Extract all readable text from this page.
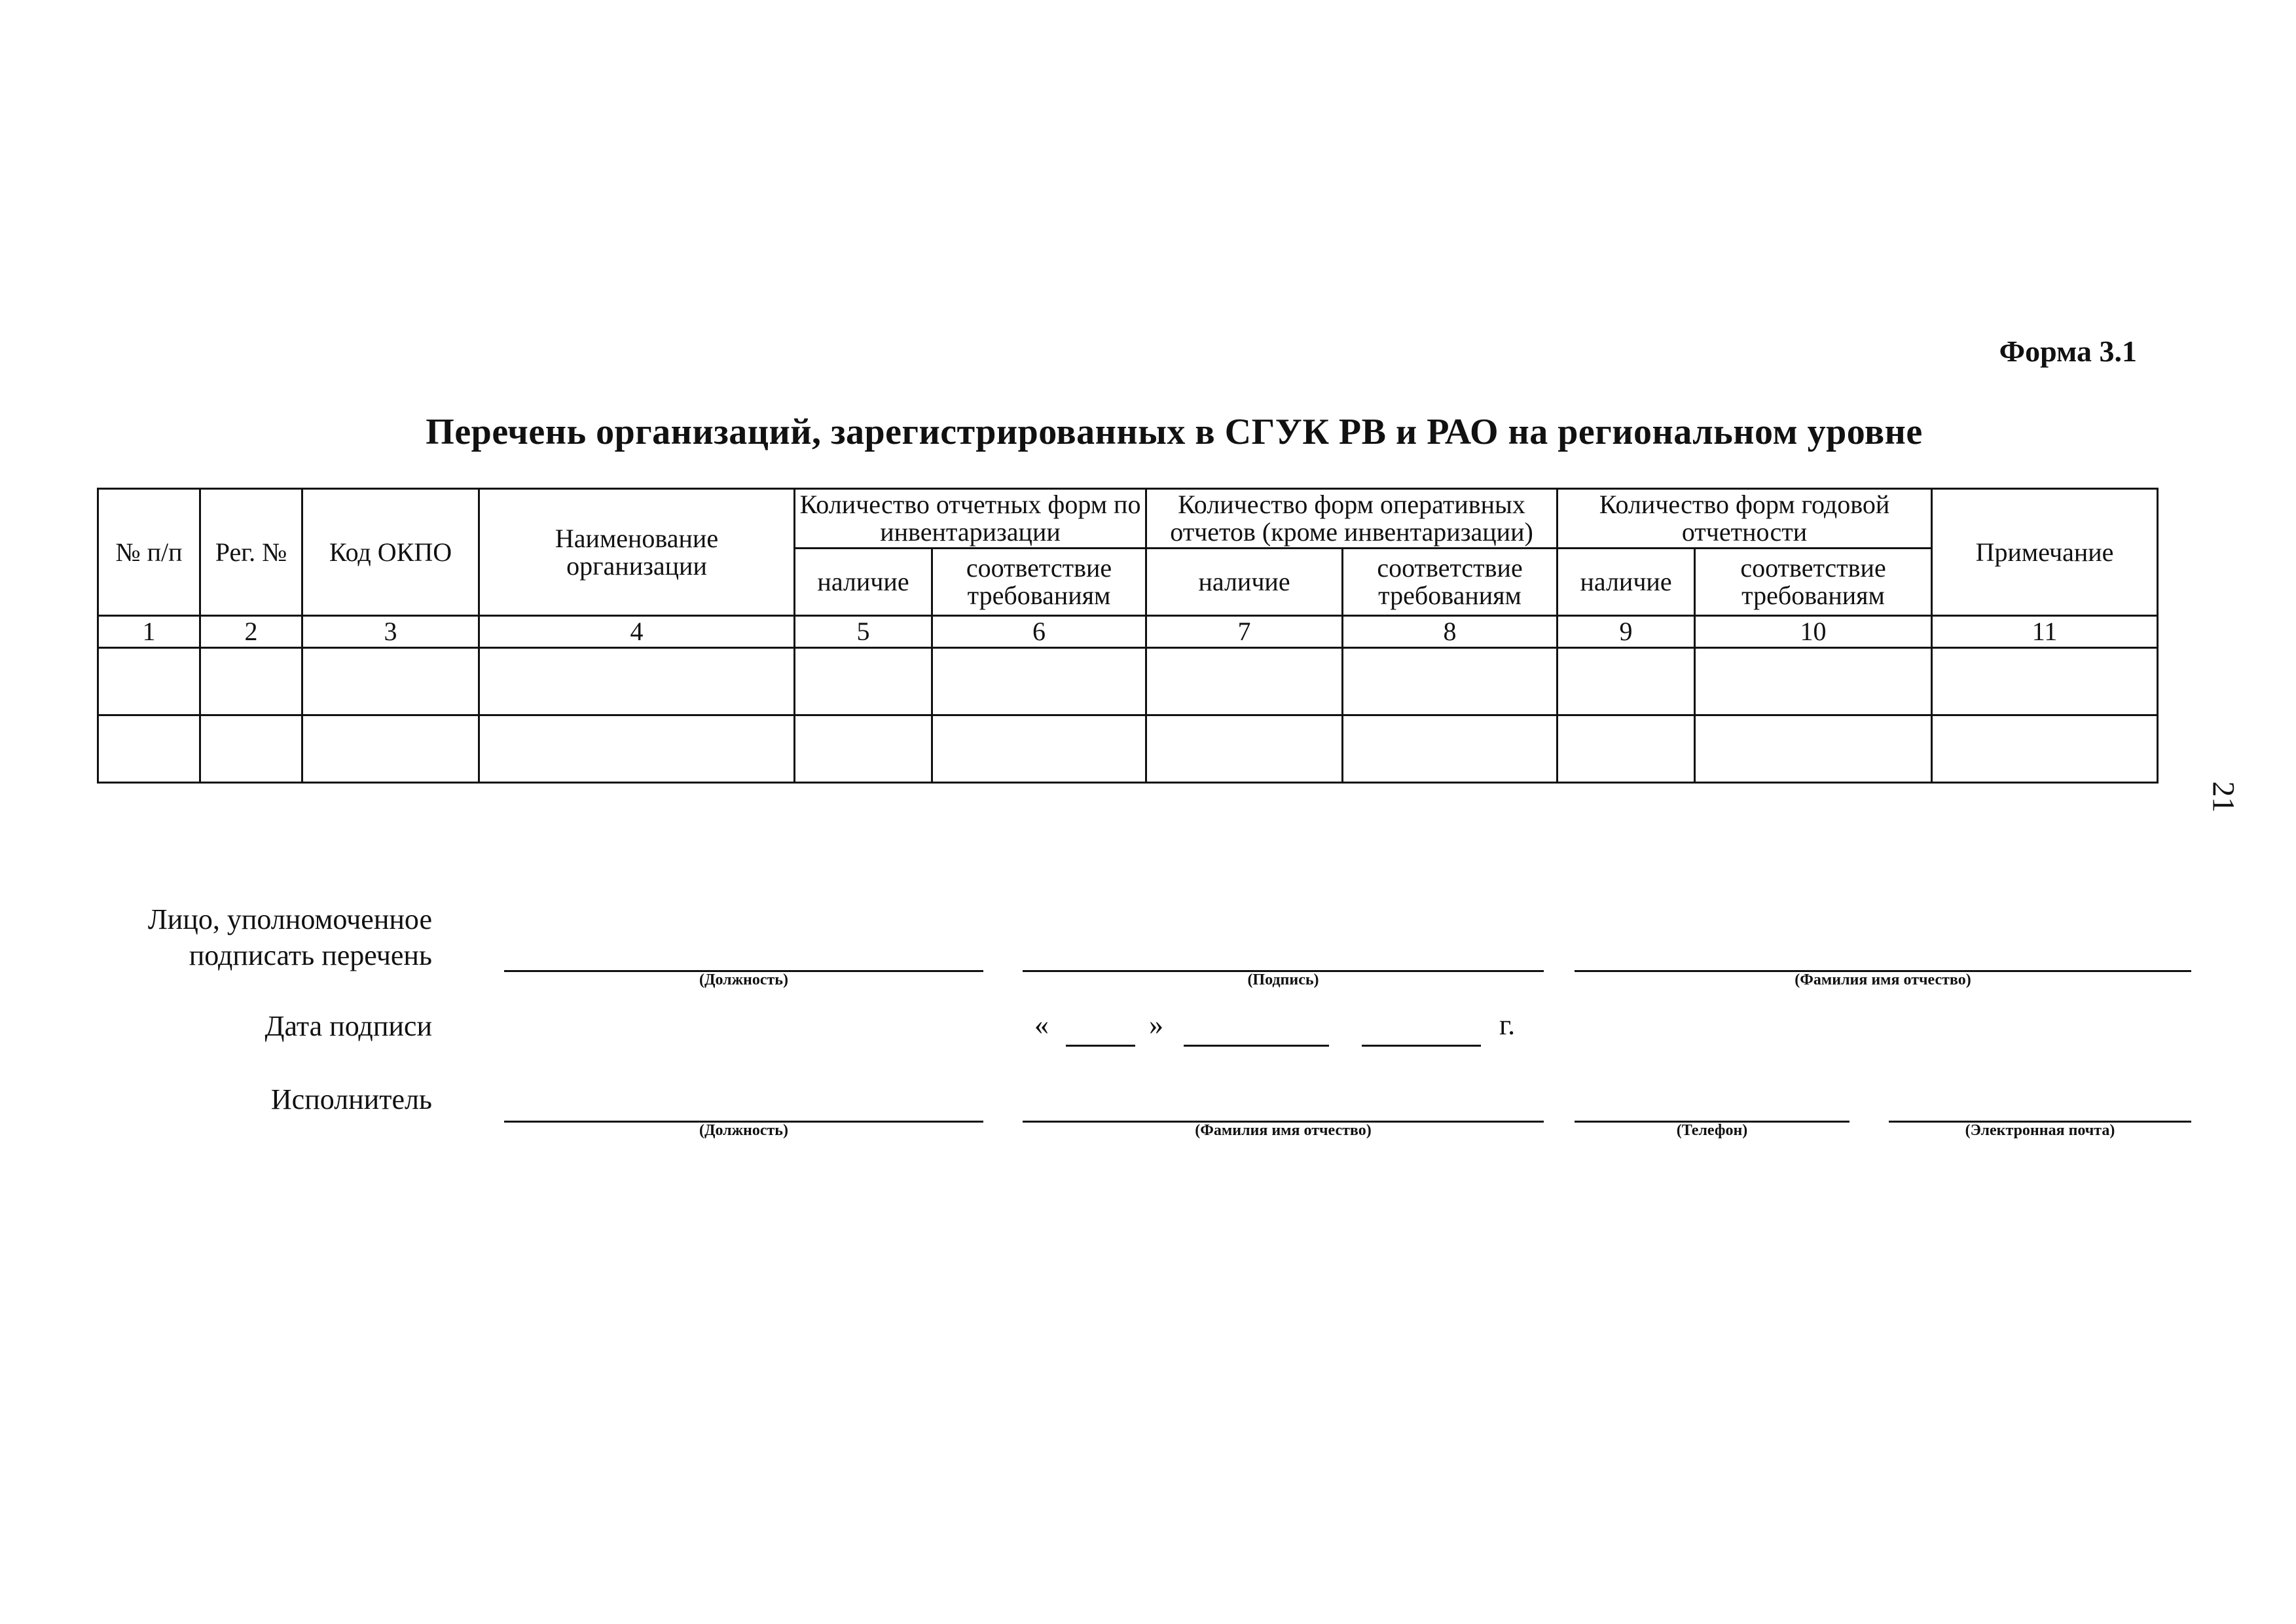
Форма 3.1
Перечень организаций, зарегистрированных в СГУК РВ и РАО на региональном уровне
№ п/п	Рег. №	Код ОКПО	Наименование организации	Количество отчетных форм по инвентаризации		Количество форм оперативных отчетов (кроме инвентаризации)		Количество форм годовой отчетности		Примечание
				наличие	соответствие требованиям	наличие	соответствие требованиям	наличие	соответствие требованиям	
1	2	3	4	5	6	7	8	9	10	11

21
Лицо, уполномоченное подписать перечень
(Должность)	(Подпись)	(Фамилия имя отчество)
Дата подписи	«	»	г.
Исполнитель
(Должность)	(Фамилия имя отчество)	(Телефон)	(Электронная почта)
